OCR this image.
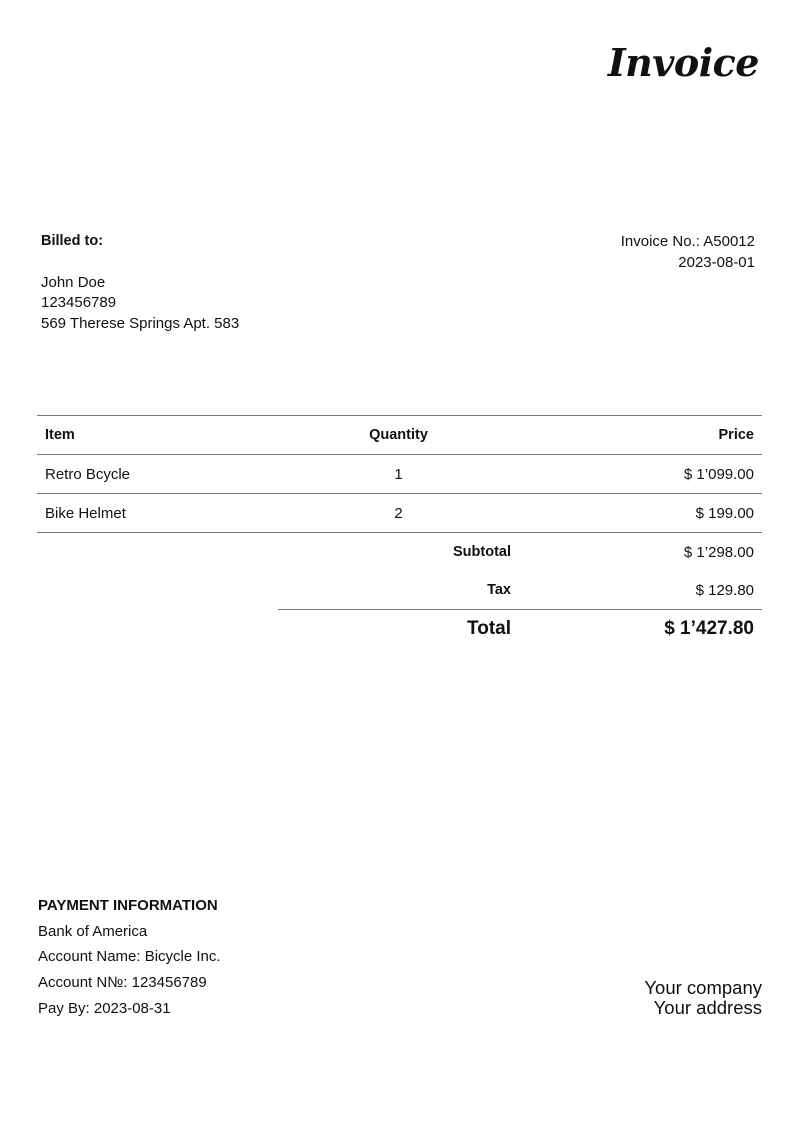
Invoice
Billed to:
John Doe
123456789
569 Therese Springs Apt. 583
Invoice No.: A50012
2023-08-01
Item	Quantity	Price
Retro Bcycle	1	$ 1’099.00
Bike Helmet	2	$ 199.00
	Subtotal	$ 1’298.00
	Tax	$ 129.80
	Total	$ 1’427.80
PAYMENT INFORMATION
Bank of America
Account Name: Bicycle Inc.
Account N№: 123456789
Pay By: 2023-08-31
Your company
Your address
